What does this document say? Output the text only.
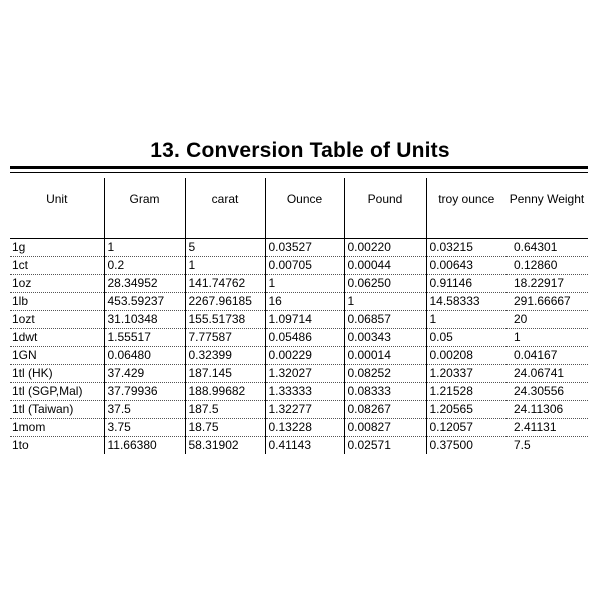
13. Conversion Table of Units
Unit	Gram	carat	Ounce	Pound	troy ounce	Penny Weight
1g	1	5	0.03527	0.00220	0.03215	0.64301
1ct	0.2	1	0.00705	0.00044	0.00643	0.12860
1oz	28.34952	141.74762	1	0.06250	0.91146	18.22917
1lb	453.59237	2267.96185	16	1	14.58333	291.66667
1ozt	31.10348	155.51738	1.09714	0.06857	1	20
1dwt	1.55517	7.77587	0.05486	0.00343	0.05	1
1GN	0.06480	0.32399	0.00229	0.00014	0.00208	0.04167
1tl (HK)	37.429	187.145	1.32027	0.08252	1.20337	24.06741
1tl (SGP,Mal)	37.79936	188.99682	1.33333	0.08333	1.21528	24.30556
1tl (Taiwan)	37.5	187.5	1.32277	0.08267	1.20565	24.11306
1mom	3.75	18.75	0.13228	0.00827	0.12057	2.41131
1to	11.66380	58.31902	0.41143	0.02571	0.37500	7.5
